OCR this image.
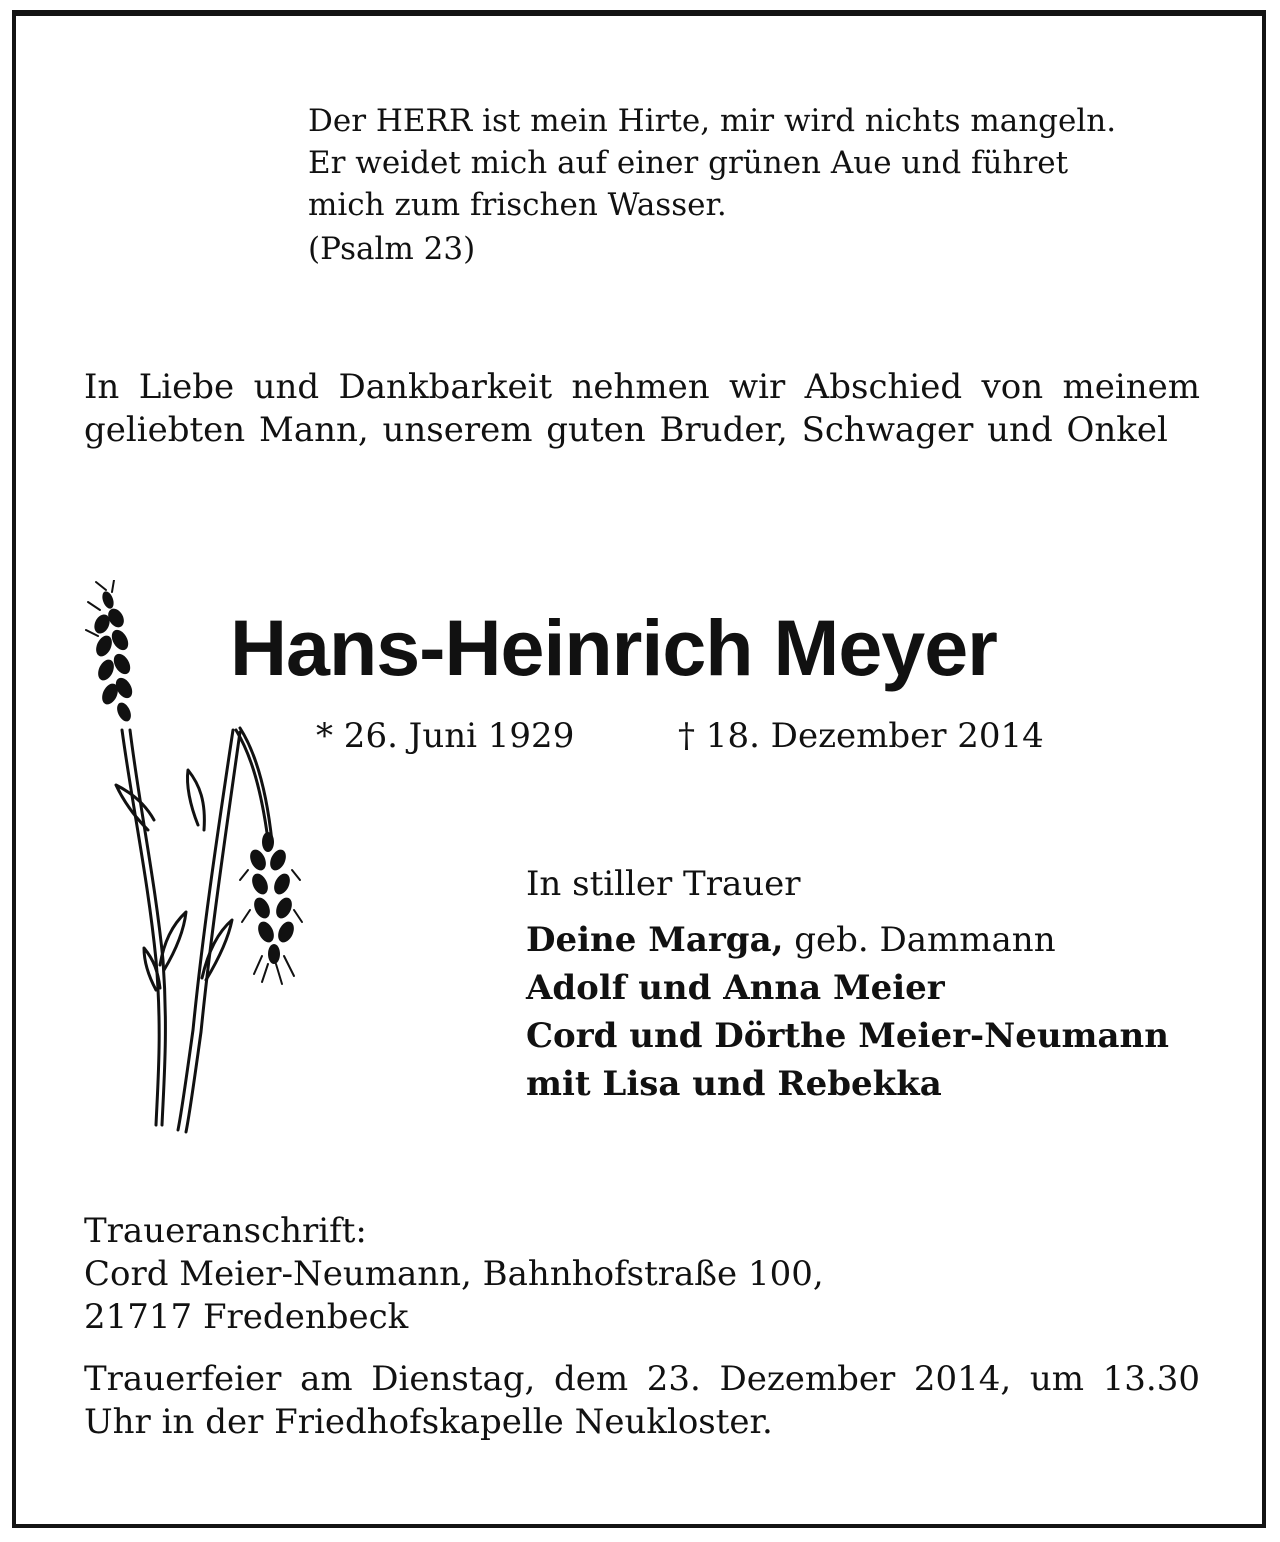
Der HERR ist mein Hirte, mir wird nichts mangeln.
Er weidet mich auf einer grünen Aue und führet
mich zum frischen Wasser.
(Psalm 23)
In Liebe und Dankbarkeit nehmen wir Abschied von meinem geliebten Mann, unserem guten Bruder, Schwager und Onkel
Hans-Heinrich Meyer
* 26. Juni 1929	† 18. Dezember 2014
In stiller Trauer
Deine Marga, geb. Dammann
Adolf und Anna Meier
Cord und Dörthe Meier-Neumann
mit Lisa und Rebekka
Traueranschrift:
Cord Meier-Neumann, Bahnhofstraße 100,
21717 Fredenbeck
Trauerfeier am Dienstag, dem 23. Dezember 2014, um 13.30 Uhr in der Friedhofskapelle Neukloster.
